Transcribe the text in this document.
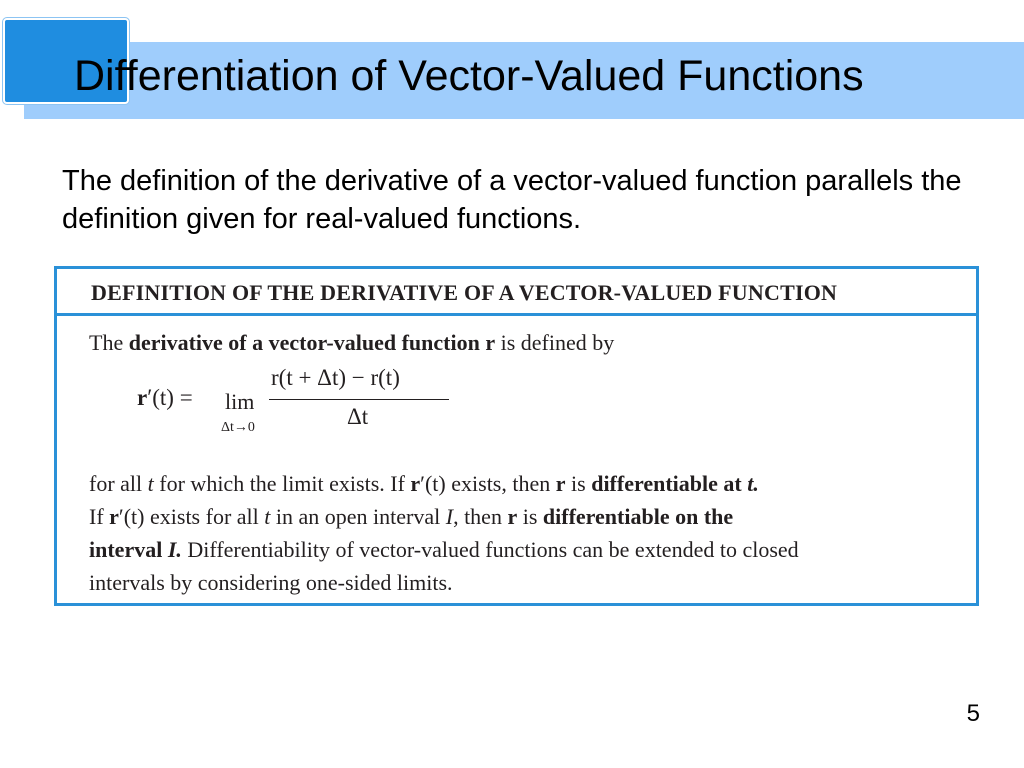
Differentiation of Vector-Valued Functions

The definition of the derivative of a vector-valued function parallels the definition given for real-valued functions.

DEFINITION OF THE DERIVATIVE OF A VECTOR-VALUED FUNCTION

The derivative of a vector-valued function r is defined by

r′(t) = lim
Δt→0
r(t + Δt) − r(t)
Δt

for all t for which the limit exists. If r′(t) exists, then r is differentiable at t.

If r′(t) exists for all t in an open interval I, then r is differentiable on the

interval I. Differentiability of vector-valued functions can be extended to closed

intervals by considering one-sided limits.

5
